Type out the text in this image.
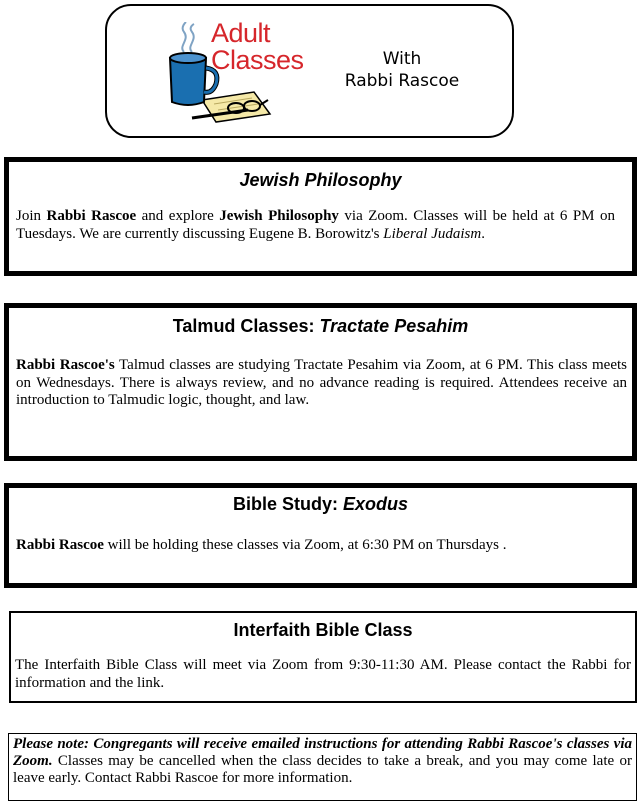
Adult
Classes	With
Rabbi Rascoe
Jewish Philosophy
Join Rabbi Rascoe and explore Jewish Philosophy via Zoom. Classes will be held at 6 PM on Tuesdays. We are currently discussing Eugene B. Borowitz's Liberal Judaism.
Talmud Classes: Tractate Pesahim
Rabbi Rascoe's Talmud classes are studying Tractate Pesahim via Zoom, at 6 PM. This class meets on Wednesdays. There is always review, and no advance reading is required. Attendees receive an introduction to Talmudic logic, thought, and law.
Bible Study: Exodus
Rabbi Rascoe will be holding these classes via Zoom, at 6:30 PM on Thursdays .
Interfaith Bible Class
The Interfaith Bible Class will meet via Zoom from 9:30-11:30 AM. Please contact the Rabbi for information and the link.
Please note: Congregants will receive emailed instructions for attending Rabbi Rascoe's classes via Zoom. Classes may be cancelled when the class decides to take a break, and you may come late or leave early. Contact Rabbi Rascoe for more information.
